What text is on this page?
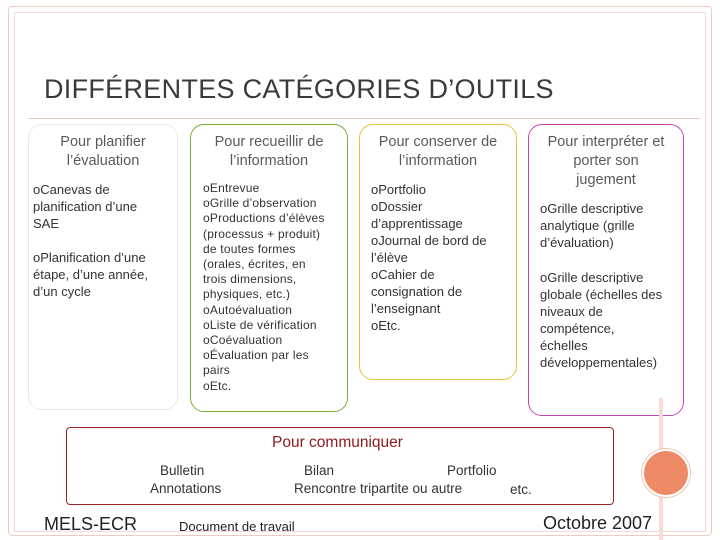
DIFFÉRENTES CATÉGORIES D’OUTILS
Pour planifier
l’évaluation
oCanevas de
planification d’une
SAE
oPlanification d’une
étape, d’une année,
d’un cycle
Pour recueillir de
l’information
oEntrevue
oGrille d’observation
oProductions d’élèves
(processus + produit)
de toutes formes
(orales, écrites, en
trois dimensions,
physiques, etc.)
oAutoévaluation
oListe de vérification
oCoévaluation
oÉvaluation par les
pairs
oEtc.
Pour conserver de
l’information
oPortfolio
oDossier
d’apprentissage
oJournal de bord de
l’élève
oCahier de
consignation de
l’enseignant
oEtc.
Pour interpréter et
porter son
jugement
oGrille descriptive
analytique (grille
d’évaluation)
oGrille descriptive
globale (échelles des
niveaux de
compétence,
échelles
développementales)
Pour communiquer
Bulletin
Annotations
Bilan	Portfolio
Rencontre tripartite ou autre	etc.
MELS-ECR	Document de travail	Octobre 2007
